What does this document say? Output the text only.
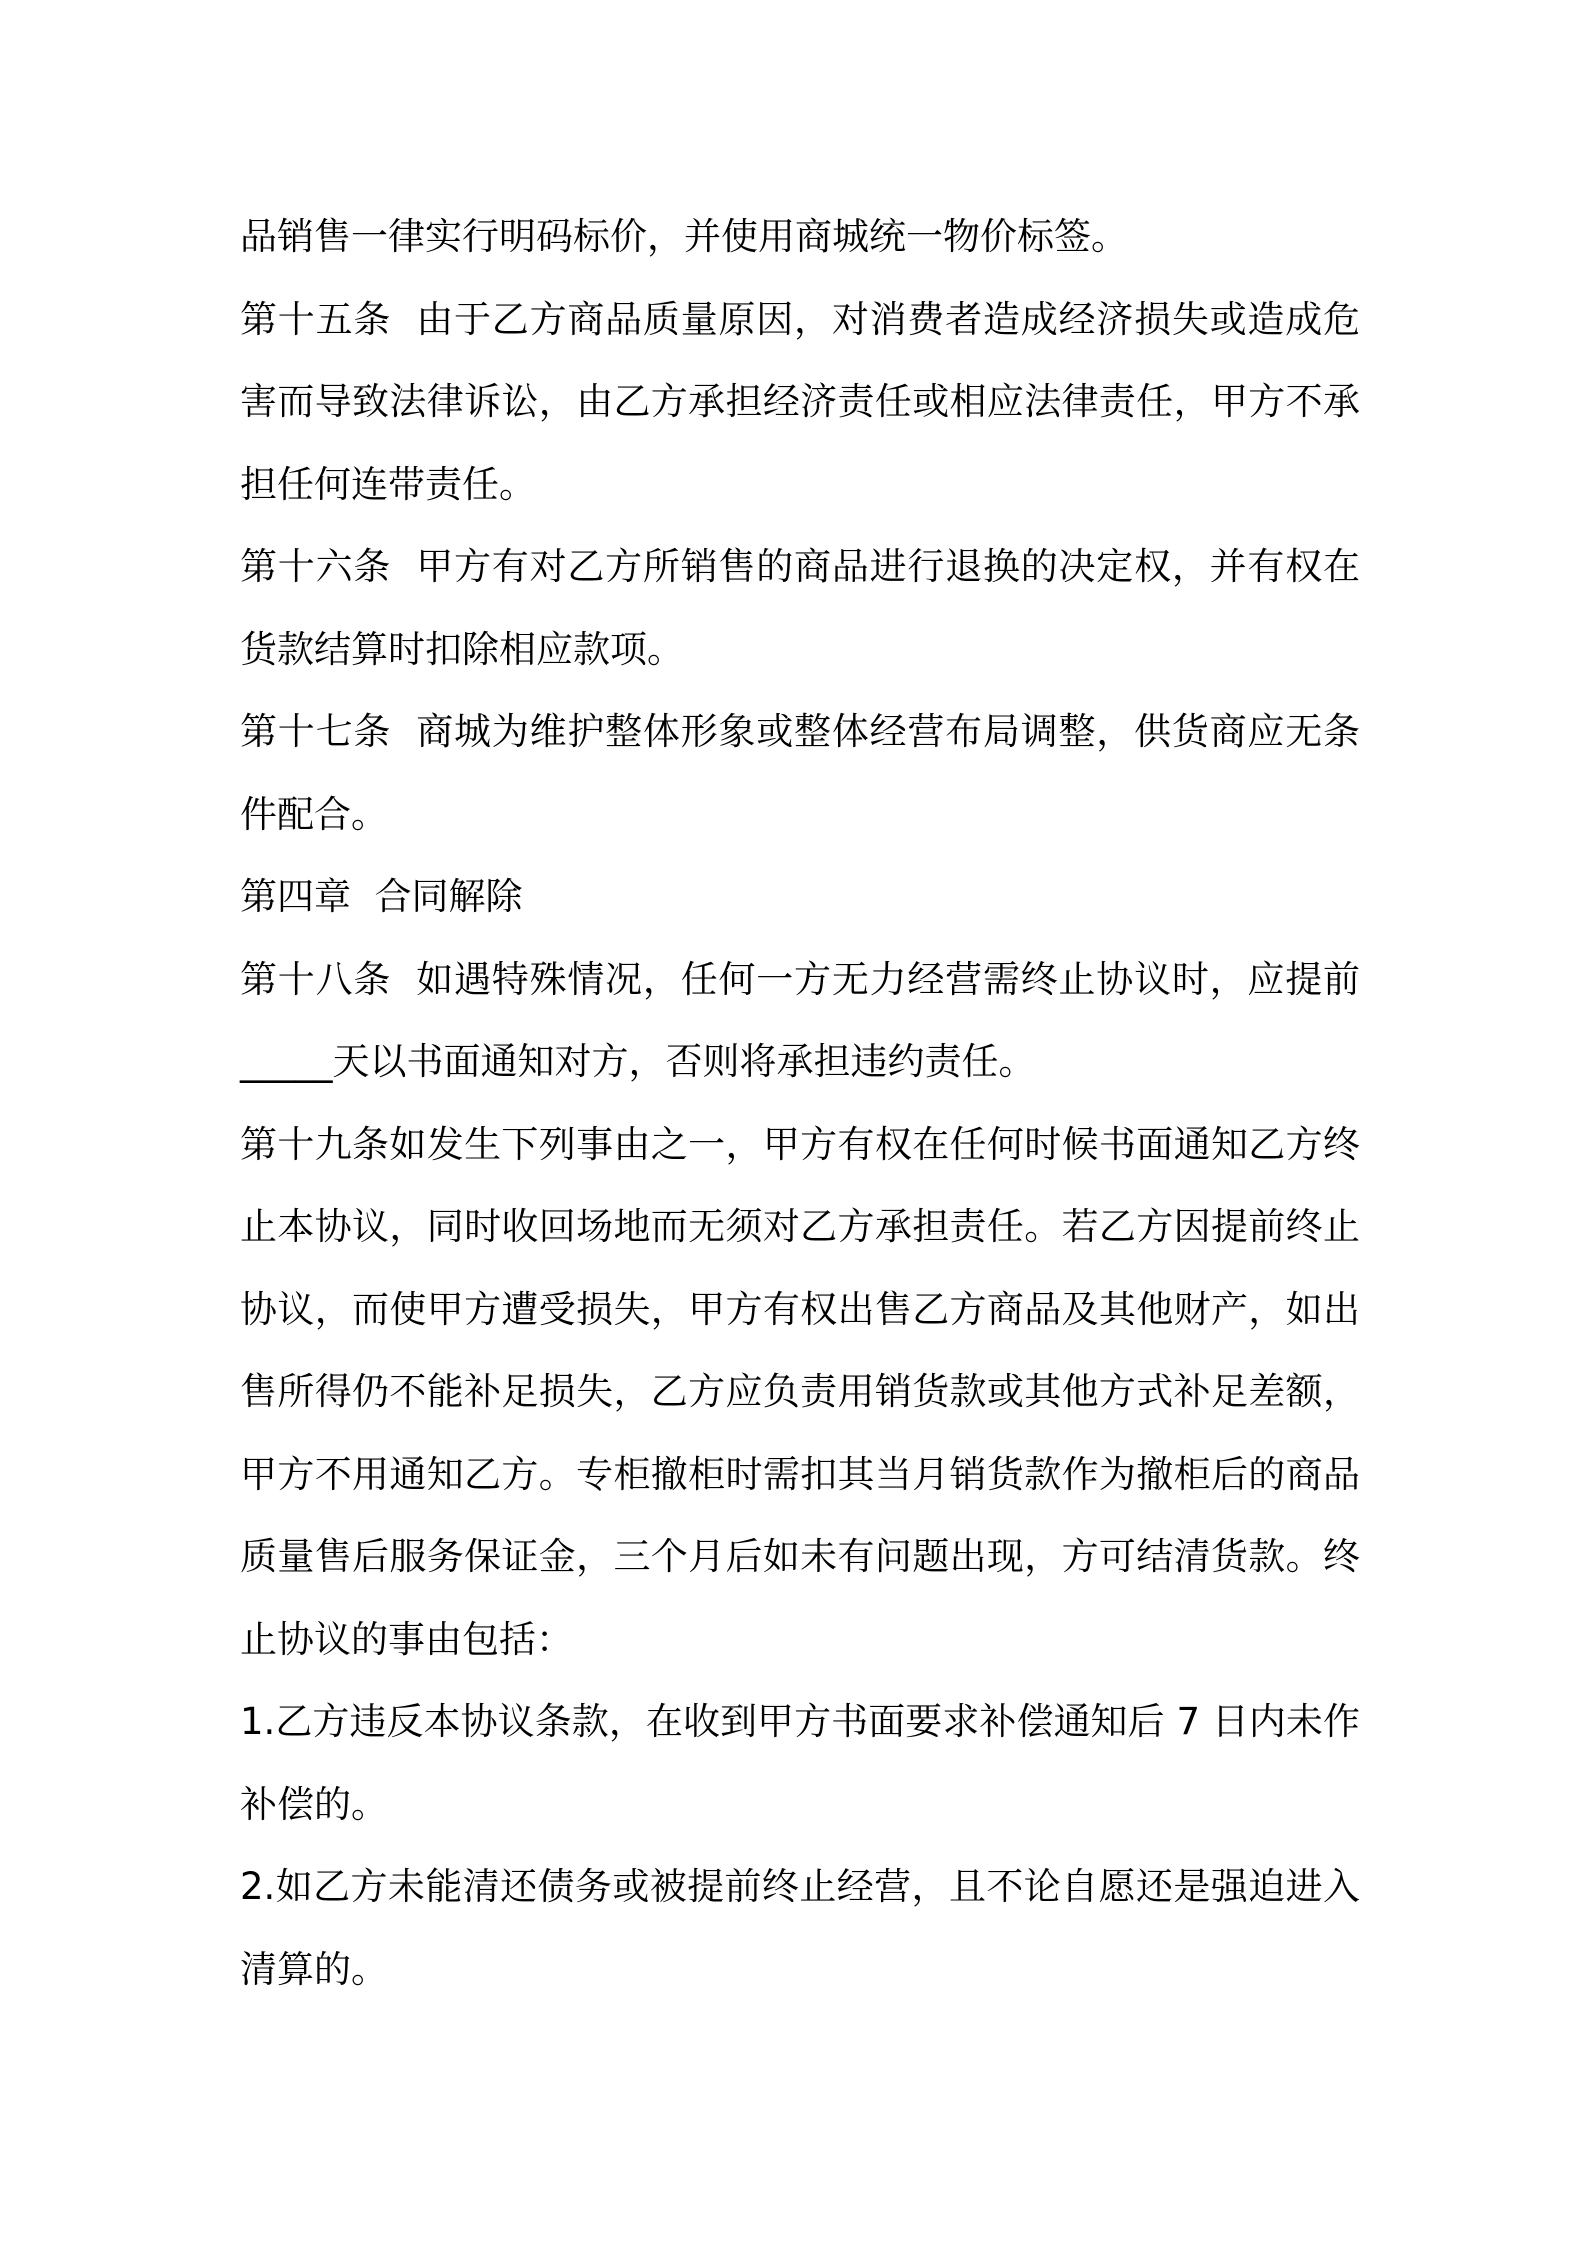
品销售一律实行明码标价，并使用商城统一物价标签。

第十五条  由于乙方商品质量原因，对消费者造成经济损失或造成危害而导致法律诉讼，由乙方承担经济责任或相应法律责任，甲方不承担任何连带责任。

第十六条  甲方有对乙方所销售的商品进行退换的决定权，并有权在货款结算时扣除相应款项。

第十七条  商城为维护整体形象或整体经营布局调整，供货商应无条件配合。

第四章  合同解除

第十八条  如遇特殊情况，任何一方无力经营需终止协议时，应提前_____天以书面通知对方，否则将承担违约责任。

第十九条如发生下列事由之一，甲方有权在任何时候书面通知乙方终止本协议，同时收回场地而无须对乙方承担责任。若乙方因提前终止协议，而使甲方遭受损失，甲方有权出售乙方商品及其他财产，如出售所得仍不能补足损失，乙方应负责用销货款或其他方式补足差额，甲方不用通知乙方。专柜撤柜时需扣其当月销货款作为撤柜后的商品质量售后服务保证金，三个月后如未有问题出现，方可结清货款。终止协议的事由包括：

1.乙方违反本协议条款，在收到甲方书面要求补偿通知后 7 日内未作补偿的。

2.如乙方未能清还债务或被提前终止经营，且不论自愿还是强迫进入清算的。
